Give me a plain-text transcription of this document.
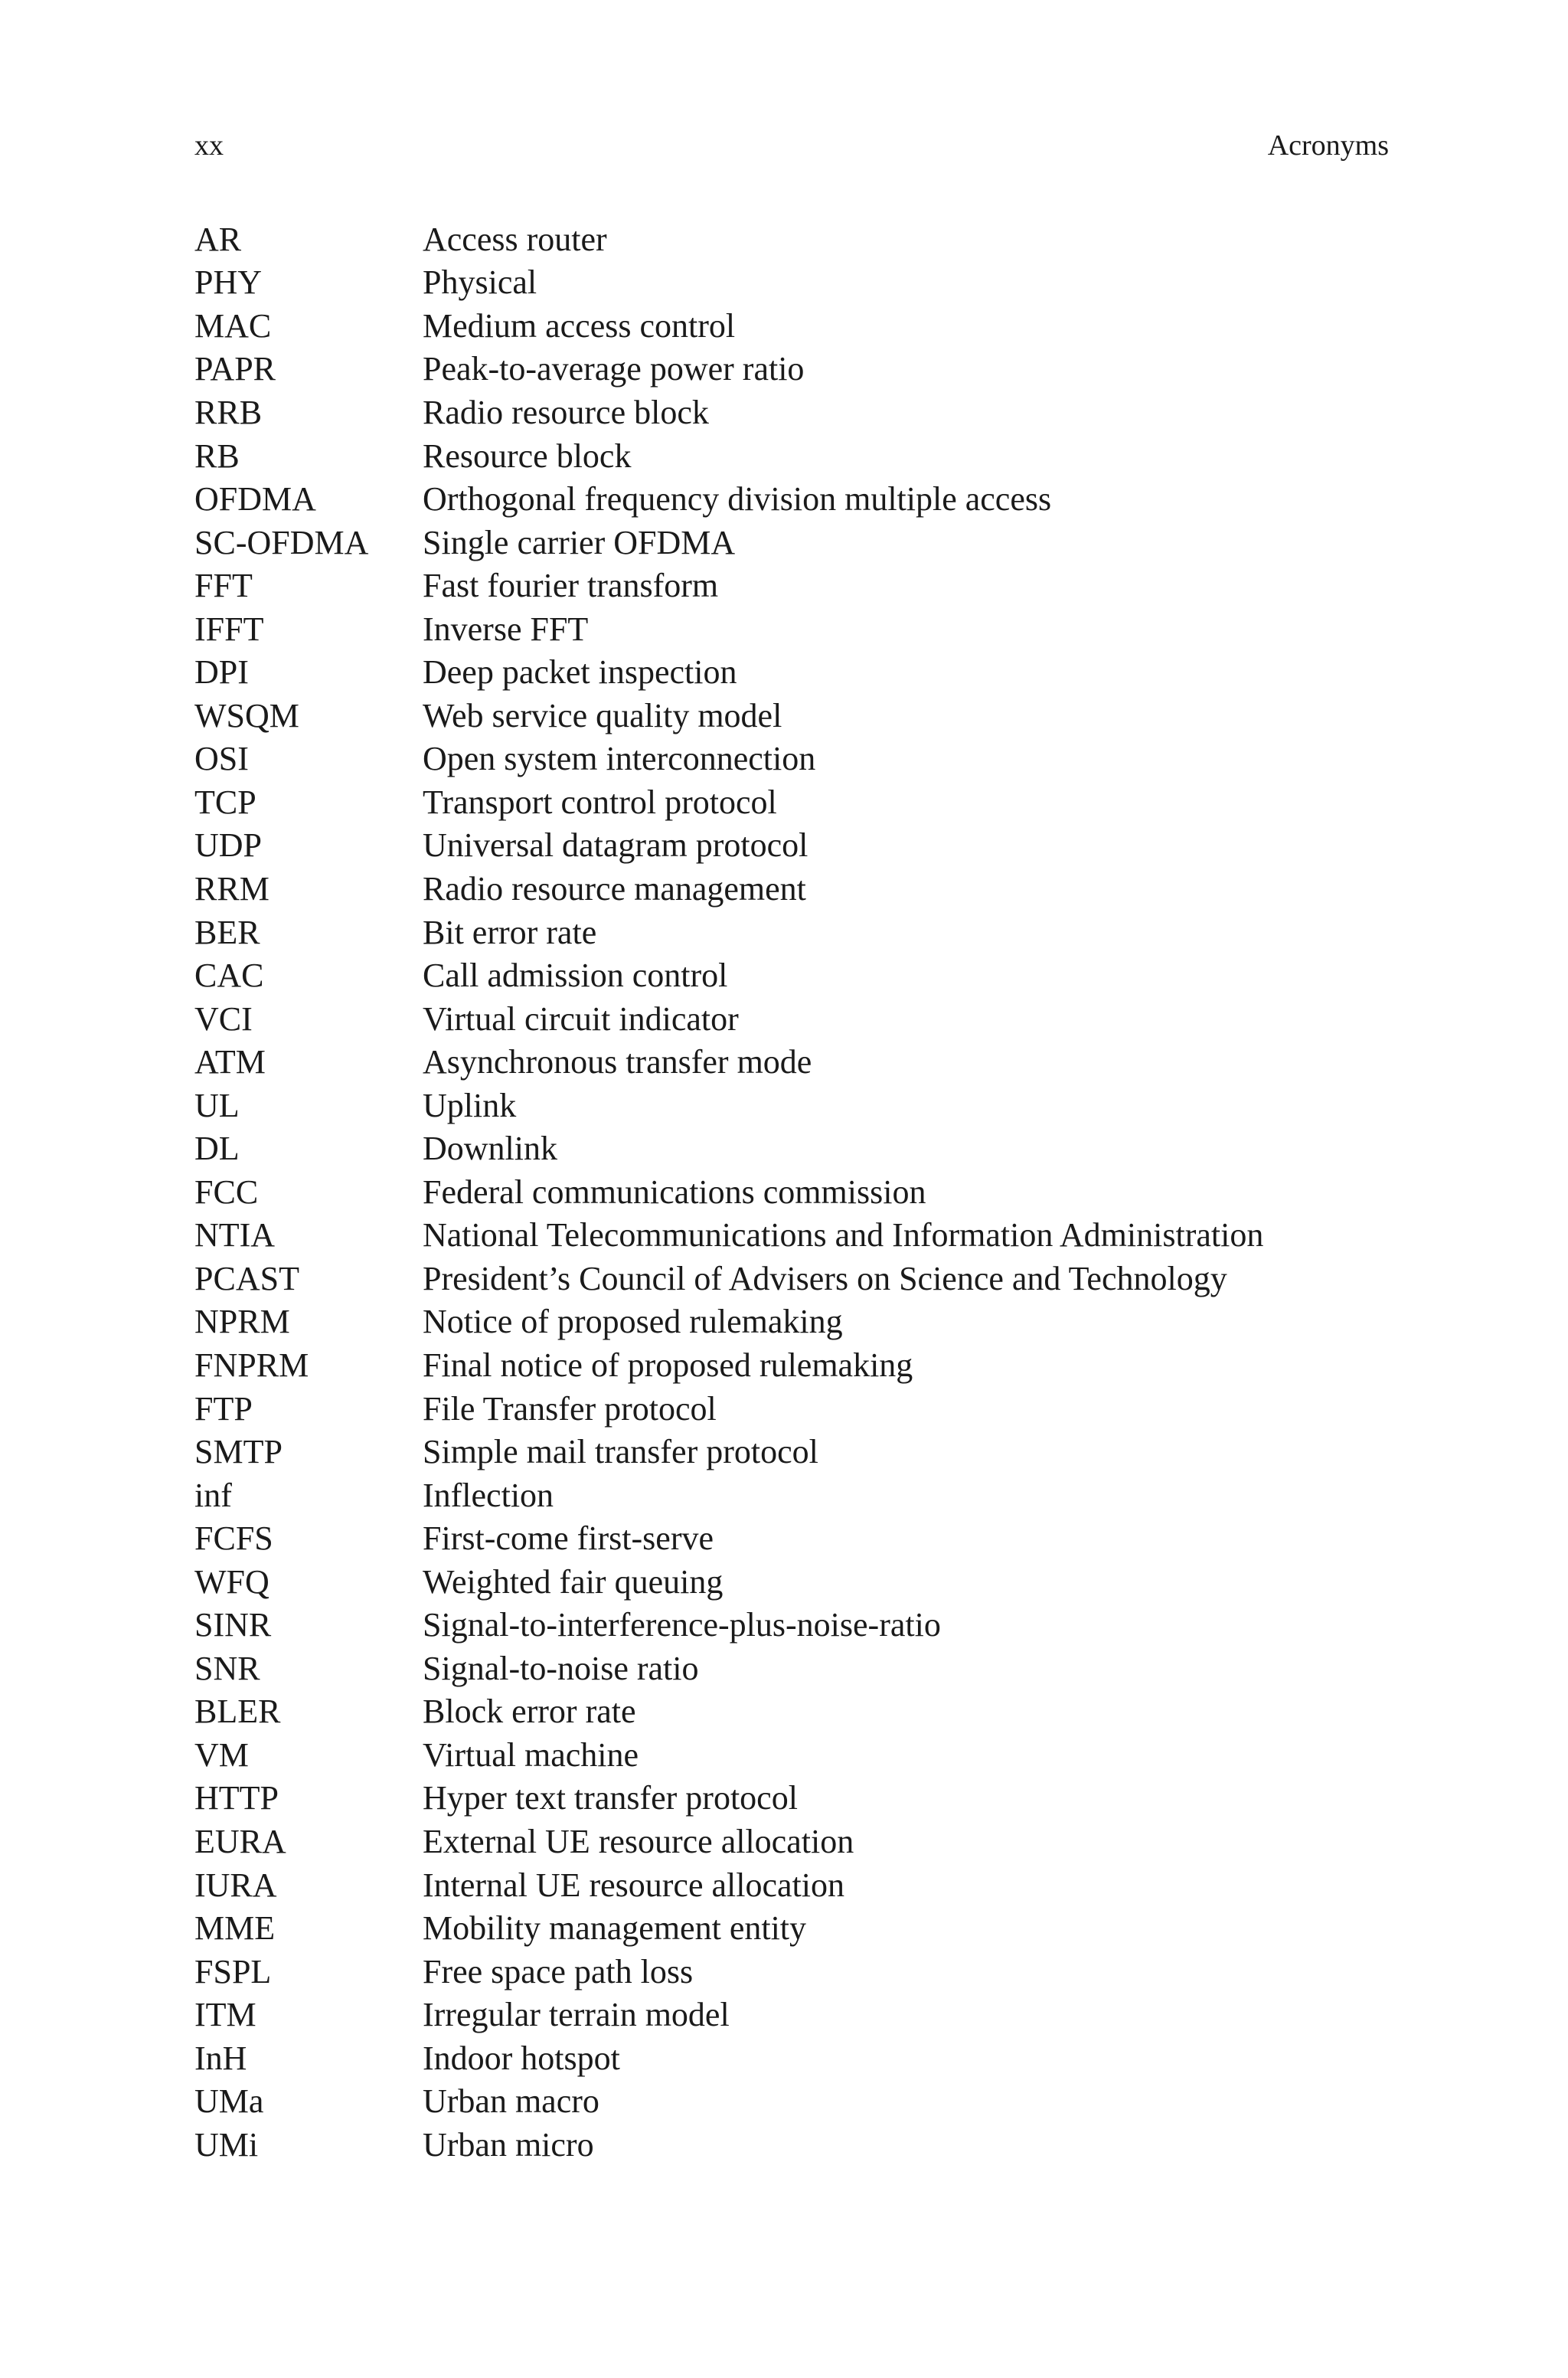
xx	Acronyms
AR	Access router
PHY	Physical
MAC	Medium access control
PAPR	Peak-to-average power ratio
RRB	Radio resource block
RB	Resource block
OFDMA	Orthogonal frequency division multiple access
SC-OFDMA	Single carrier OFDMA
FFT	Fast fourier transform
IFFT	Inverse FFT
DPI	Deep packet inspection
WSQM	Web service quality model
OSI	Open system interconnection
TCP	Transport control protocol
UDP	Universal datagram protocol
RRM	Radio resource management
BER	Bit error rate
CAC	Call admission control
VCI	Virtual circuit indicator
ATM	Asynchronous transfer mode
UL	Uplink
DL	Downlink
FCC	Federal communications commission
NTIA	National Telecommunications and Information Administration
PCAST	President’s Council of Advisers on Science and Technology
NPRM	Notice of proposed rulemaking
FNPRM	Final notice of proposed rulemaking
FTP	File Transfer protocol
SMTP	Simple mail transfer protocol
inf	Inflection
FCFS	First-come first-serve
WFQ	Weighted fair queuing
SINR	Signal-to-interference-plus-noise-ratio
SNR	Signal-to-noise ratio
BLER	Block error rate
VM	Virtual machine
HTTP	Hyper text transfer protocol
EURA	External UE resource allocation
IURA	Internal UE resource allocation
MME	Mobility management entity
FSPL	Free space path loss
ITM	Irregular terrain model
InH	Indoor hotspot
UMa	Urban macro
UMi	Urban micro
